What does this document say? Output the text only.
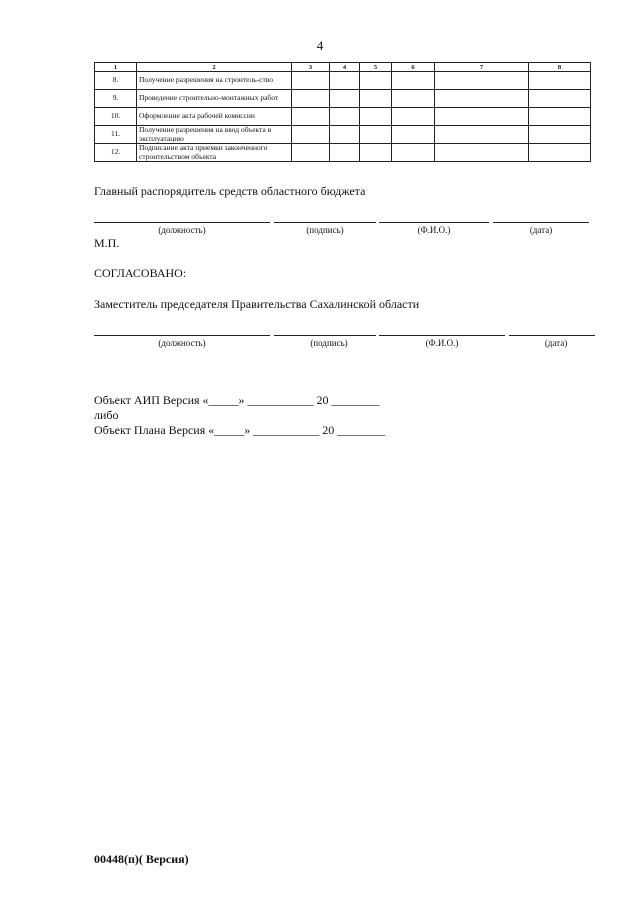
4
1	2	3	4	5	6	7	8
8.	Получение разрешения на строитель-ство						
9.	Проведение строительно-монтажных работ						
10.	Оформление акта рабочей комиссии						
11.	Получение разрешения на ввод объекта в эксплуатацию						
12.	Подписание акта приемки законченного строительством объекта						
Главный распорядитель средств областного бюджета
(должность)	(подпись)	(Ф.И.О.)	(дата)
М.П.
СОГЛАСОВАНО:
Заместитель председателя Правительства Сахалинской области
(должность)	(подпись)	(Ф.И.О.)	(дата)
Объект АИП Версия «_____» ___________ 20 ________
либо
Объект Плана Версия «_____» ___________ 20 ________
00448(п)( Версия)
